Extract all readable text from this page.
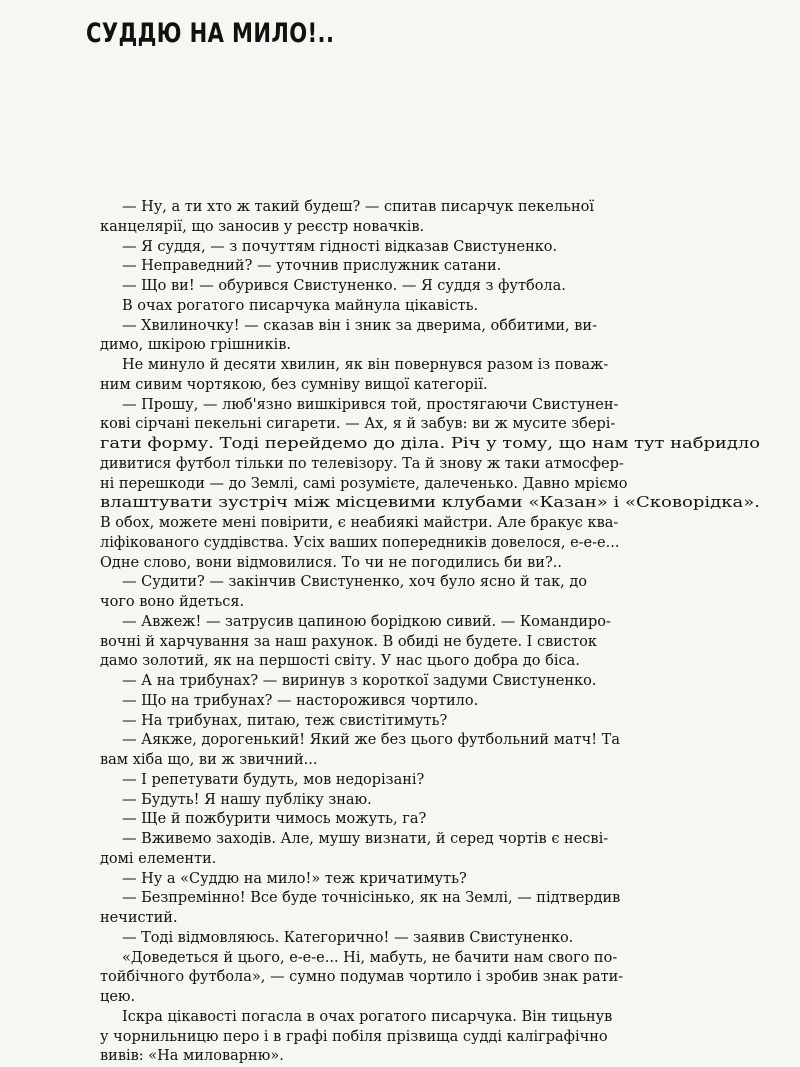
СУДДЮ НА МИЛО!..
— Ну, а ти хто ж такий будеш? — спитав писарчук пекельної
канцелярії, що заносив у реєстр новачків.
— Я суддя, — з почуттям гідності відказав Свистуненко.
— Неправедний? — уточнив прислужник сатани.
— Що ви! — обурився Свистуненко. — Я суддя з футбола.
В очах рогатого писарчука майнула цікавість.
— Хвилиночку! — сказав він і зник за дверима, оббитими, ви-
димо, шкірою грішників.
Не минуло й десяти хвилин, як він повернувся разом із поваж-
ним сивим чортякою, без сумніву вищої категорії.
— Прошу, — люб'язно вишкірився той, простягаючи Свистунен-
кові сірчані пекельні сигарети. — Ах, я й забув: ви ж мусите збері-
гати форму. Тоді перейдемо до діла. Річ у тому, що нам тут набридло
дивитися футбол тільки по телевізору. Та й знову ж таки атмосфер-
ні перешкоди — до Землі, самі розумієте, далеченько. Давно мріємо
влаштувати зустріч між місцевими клубами «Казан» і «Сковорідка».
В обох, можете мені повірити, є неабиякі майстри. Але бракує ква-
ліфікованого суддівства. Усіх ваших попередників довелося, е-е-е...
Одне слово, вони відмовилися. То чи не погодились би ви?..
— Судити? — закінчив Свистуненко, хоч було ясно й так, до
чого воно йдеться.
— Авжеж! — затрусив цапиною борідкою сивий. — Командиро-
вочні й харчування за наш рахунок. В обиді не будете. І свисток
дамо золотий, як на першості світу. У нас цього добра до біса.
— А на трибунах? — виринув з короткої задуми Свистуненко.
— Що на трибунах? — насторожився чортило.
— На трибунах, питаю, теж свистітимуть?
— Аякже, дорогенький! Який же без цього футбольний матч! Та
вам хіба що, ви ж звичний...
— І репетувати будуть, мов недорізані?
— Будуть! Я нашу публіку знаю.
— Ще й пожбурити чимось можуть, га?
— Вживемо заходів. Але, мушу визнати, й серед чортів є несві-
домі елементи.
— Ну а «Суддю на мило!» теж кричатимуть?
— Безпремінно! Все буде точнісінько, як на Землі, — підтвердив
нечистий.
— Тоді відмовляюсь. Категорично! — заявив Свистуненко.
«Доведеться й цього, е-е-е... Ні, мабуть, не бачити нам свого по-
тойбічного футбола», — сумно подумав чортило і зробив знак рати-
цею.
Іскра цікавості погасла в очах рогатого писарчука. Він тицьнув
у чорнильницю перо і в графі побіля прізвища судді каліграфічно
вивів: «На миловарню».
